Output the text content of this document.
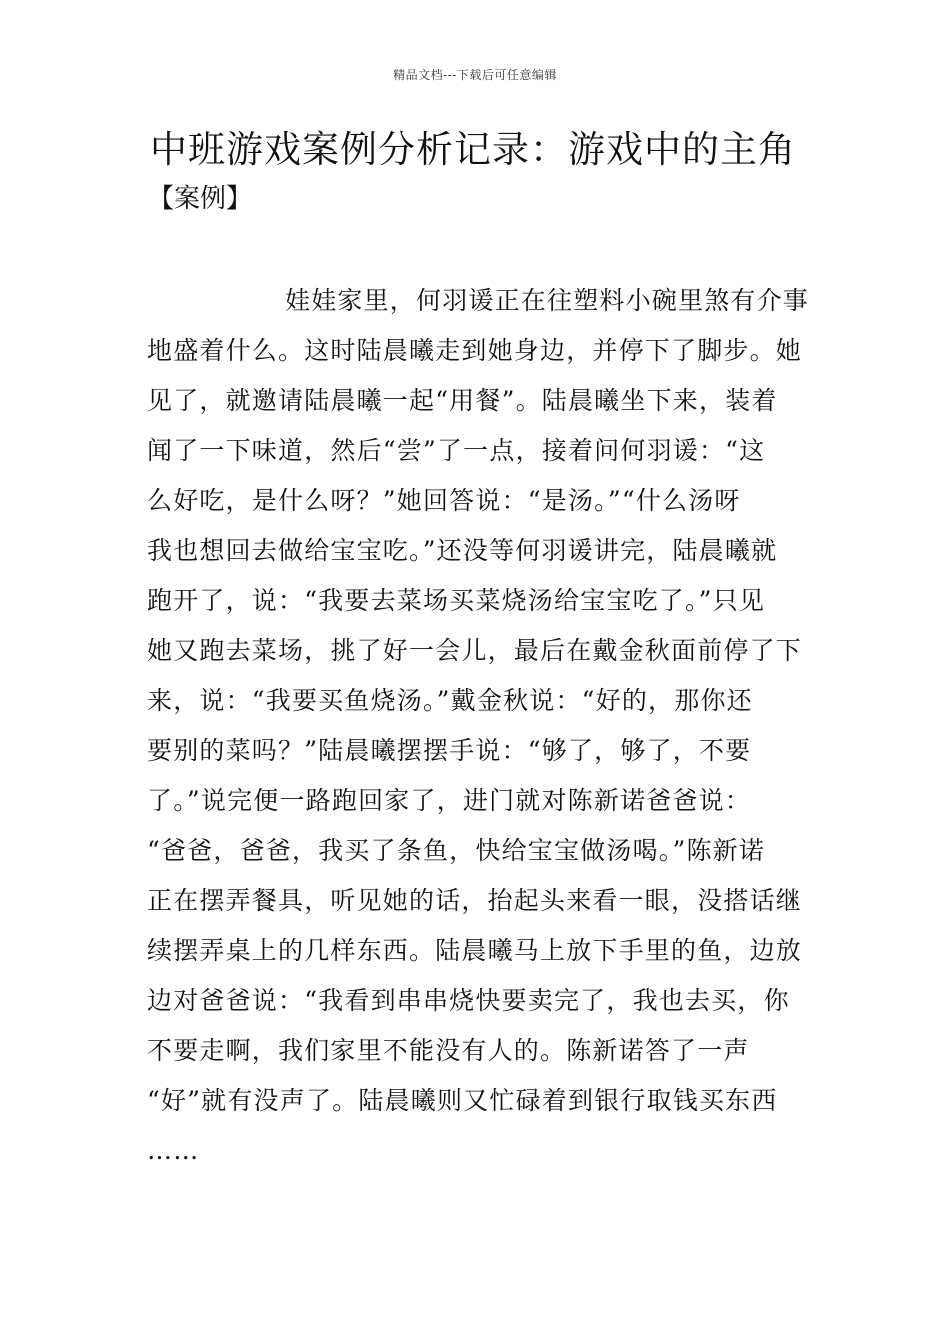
精品文档---下载后可任意编辑
中班游戏案例分析记录：游戏中的主角
【案例】
娃娃家里，何羽谖正在往塑料小碗里煞有介事
地盛着什么。这时陆晨曦走到她身边，并停下了脚步。她
见了，就邀请陆晨曦一起“用餐”。陆晨曦坐下来，装着
闻了一下味道，然后“尝”了一点，接着问何羽谖：“这
么好吃，是什么呀？”她回答说：“是汤。”“什么汤呀
我也想回去做给宝宝吃。”还没等何羽谖讲完，陆晨曦就
跑开了，说：“我要去菜场买菜烧汤给宝宝吃了。”只见
她又跑去菜场，挑了好一会儿，最后在戴金秋面前停了下
来，说：“我要买鱼烧汤。”戴金秋说：“好的，那你还
要别的菜吗？”陆晨曦摆摆手说：“够了，够了，不要
了。”说完便一路跑回家了，进门就对陈新诺爸爸说：
“爸爸，爸爸，我买了条鱼，快给宝宝做汤喝。”陈新诺
正在摆弄餐具，听见她的话，抬起头来看一眼，没搭话继
续摆弄桌上的几样东西。陆晨曦马上放下手里的鱼，边放
边对爸爸说：“我看到串串烧快要卖完了，我也去买，你
不要走啊，我们家里不能没有人的。陈新诺答了一声
“好”就有没声了。陆晨曦则又忙碌着到银行取钱买东西
……
